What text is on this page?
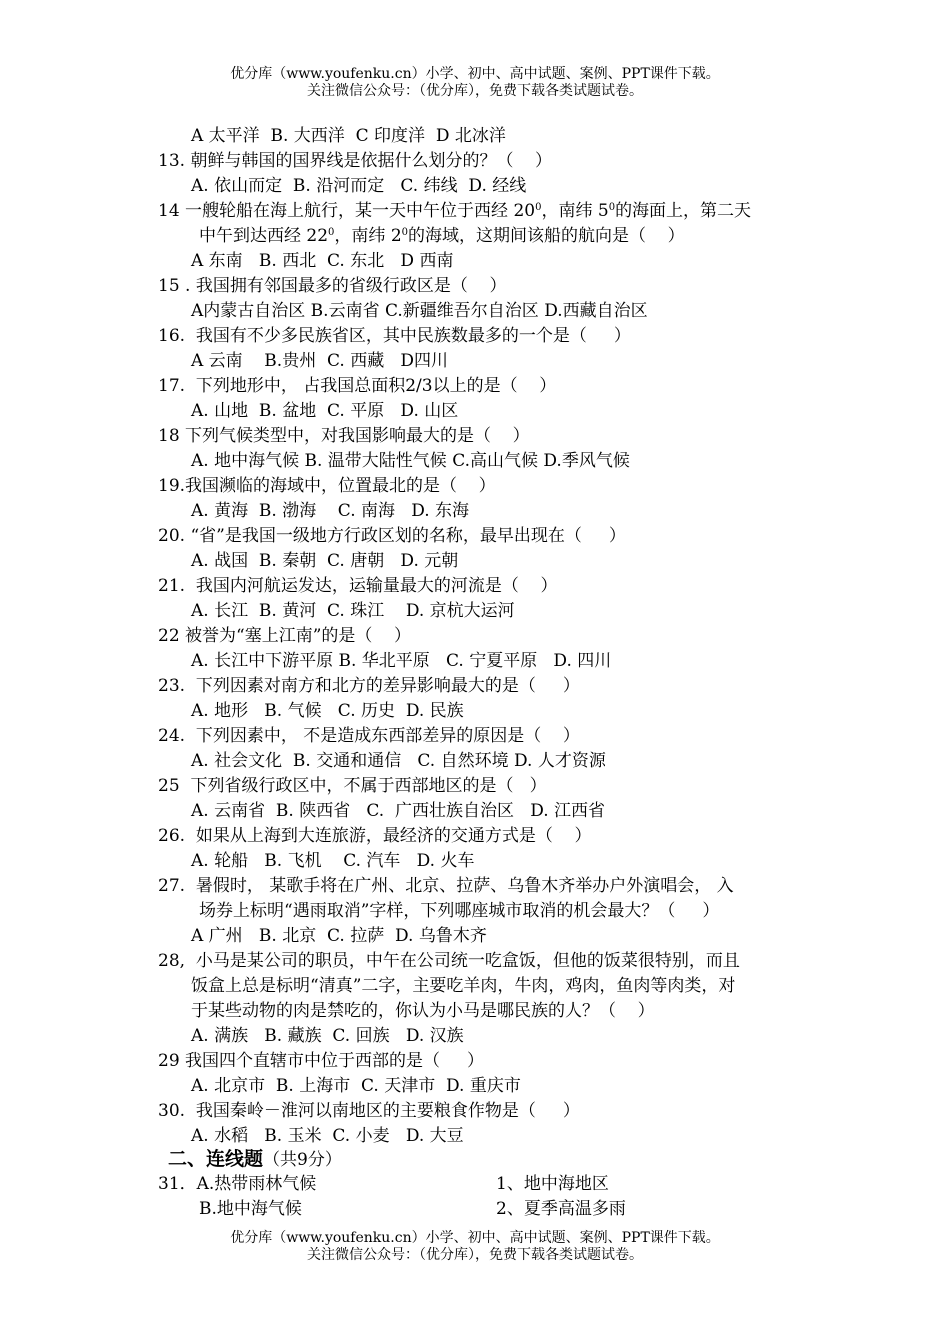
优分库（www.youfenku.cn）小学、初中、高中试题、案例、PPT课件下载。
关注微信公众号：（优分库），免费下载各类试题试卷。
A 太平洋  B. 大西洋  C 印度洋  D 北冰洋
13. 朝鲜与韩国的国界线是依据什么划分的？（    ）
A. 依山而定  B. 沿河而定   C. 纬线  D. 经线
14 一艘轮船在海上航行，某一天中午位于西经 $20^0$，南纬 $5^0$的海面上，第二天
中午到达西经 $22^0$，南纬 $2^0$的海域，这期间该船的航向是（    ）
A 东南   B. 西北  C. 东北   D 西南
15 . 我国拥有邻国最多的省级行政区是（    ）
A内蒙古自治区 B.云南省 C.新疆维吾尔自治区 D.西藏自治区
16.  我国有不少多民族省区，其中民族数最多的一个是（     ）
A 云南    B.贵州  C. 西藏   D四川
17.  下列地形中， 占我国总面积2/3以上的是（    ）
A. 山地  B. 盆地  C. 平原   D. 山区
18 下列气候类型中，对我国影响最大的是（    ）
A. 地中海气候 B. 温带大陆性气候 C.高山气候 D.季风气候
19.我国濒临的海域中，位置最北的是（    ）
A. 黄海  B. 渤海    C. 南海   D. 东海
20. “省”是我国一级地方行政区划的名称，最早出现在（     ）
A. 战国  B. 秦朝  C. 唐朝   D. 元朝
21.  我国内河航运发达，运输量最大的河流是（    ）
A. 长江  B. 黄河  C. 珠江    D. 京杭大运河
22 被誉为“塞上江南”的是（    ）
A. 长江中下游平原 B. 华北平原   C. 宁夏平原   D. 四川
23.  下列因素对南方和北方的差异影响最大的是（     ）
A. 地形   B. 气候   C. 历史  D. 民族
24.  下列因素中， 不是造成东西部差异的原因是（    ）
A. 社会文化  B. 交通和通信   C. 自然环境 D. 人才资源
25  下列省级行政区中，不属于西部地区的是（   ）
A. 云南省  B. 陕西省   C.  广西壮族自治区   D. 江西省
26.  如果从上海到大连旅游，最经济的交通方式是（    ）
A. 轮船   B. 飞机    C. 汽车   D. 火车
27.  暑假时， 某歌手将在广州、北京、拉萨、乌鲁木齐举办户外演唱会， 入
场券上标明“遇雨取消”字样，下列哪座城市取消的机会最大？（     ）
A 广州   B. 北京  C. 拉萨  D. 乌鲁木齐
28,  小马是某公司的职员，中午在公司统一吃盒饭，但他的饭菜很特别，而且
饭盒上总是标明“清真”二字，主要吃羊肉，牛肉，鸡肉，鱼肉等肉类，对
于某些动物的肉是禁吃的，你认为小马是哪民族的人？（    ）
A. 满族   B. 藏族  C. 回族   D. 汉族
29 我国四个直辖市中位于西部的是（     ）
A. 北京市  B. 上海市  C. 天津市  D. 重庆市
30.  我国秦岭－淮河以南地区的主要粮食作物是（     ）
A. 水稻   B. 玉米  C. 小麦   D. 大豆
二、连线题（共9分）
31．A.热带雨林气候	1、地中海地区
B.地中海气候	2、夏季高温多雨
优分库（www.youfenku.cn）小学、初中、高中试题、案例、PPT课件下载。
关注微信公众号：（优分库），免费下载各类试题试卷。
